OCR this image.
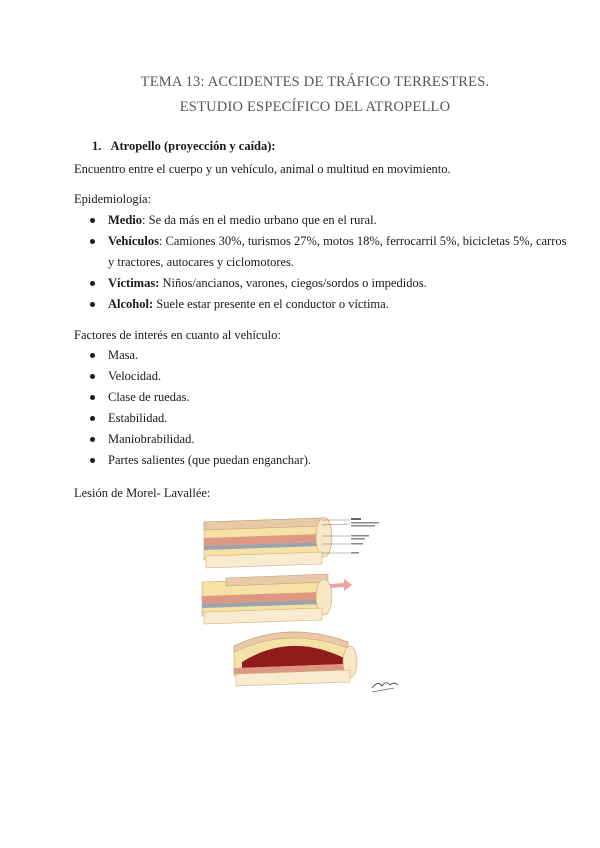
TEMA 13: ACCIDENTES DE TRÁFICO TERRESTRES.
ESTUDIO ESPECÍFICO DEL ATROPELLO
1. Atropello (proyección y caída):
Encuentro entre el cuerpo y un vehículo, animal o multitud en movimiento.
Epidemiología:
Medio: Se da más en el medio urbano que en el rural.
Vehículos: Camiones 30%, turismos 27%, motos 18%, ferrocarril 5%, bicicletas 5%, carros y tractores, autocares y ciclomotores.
Víctimas: Niños/ancianos, varones, ciegos/sordos o impedidos.
Alcohol: Suele estar presente en el conductor o víctima.
Factores de interés en cuanto al vehículo:
Masa.
Velocidad.
Clase de ruedas.
Estabilidad.
Maniobrabilidad.
Partes salientes (que puedan enganchar).
Lesión de Morel- Lavallée:
